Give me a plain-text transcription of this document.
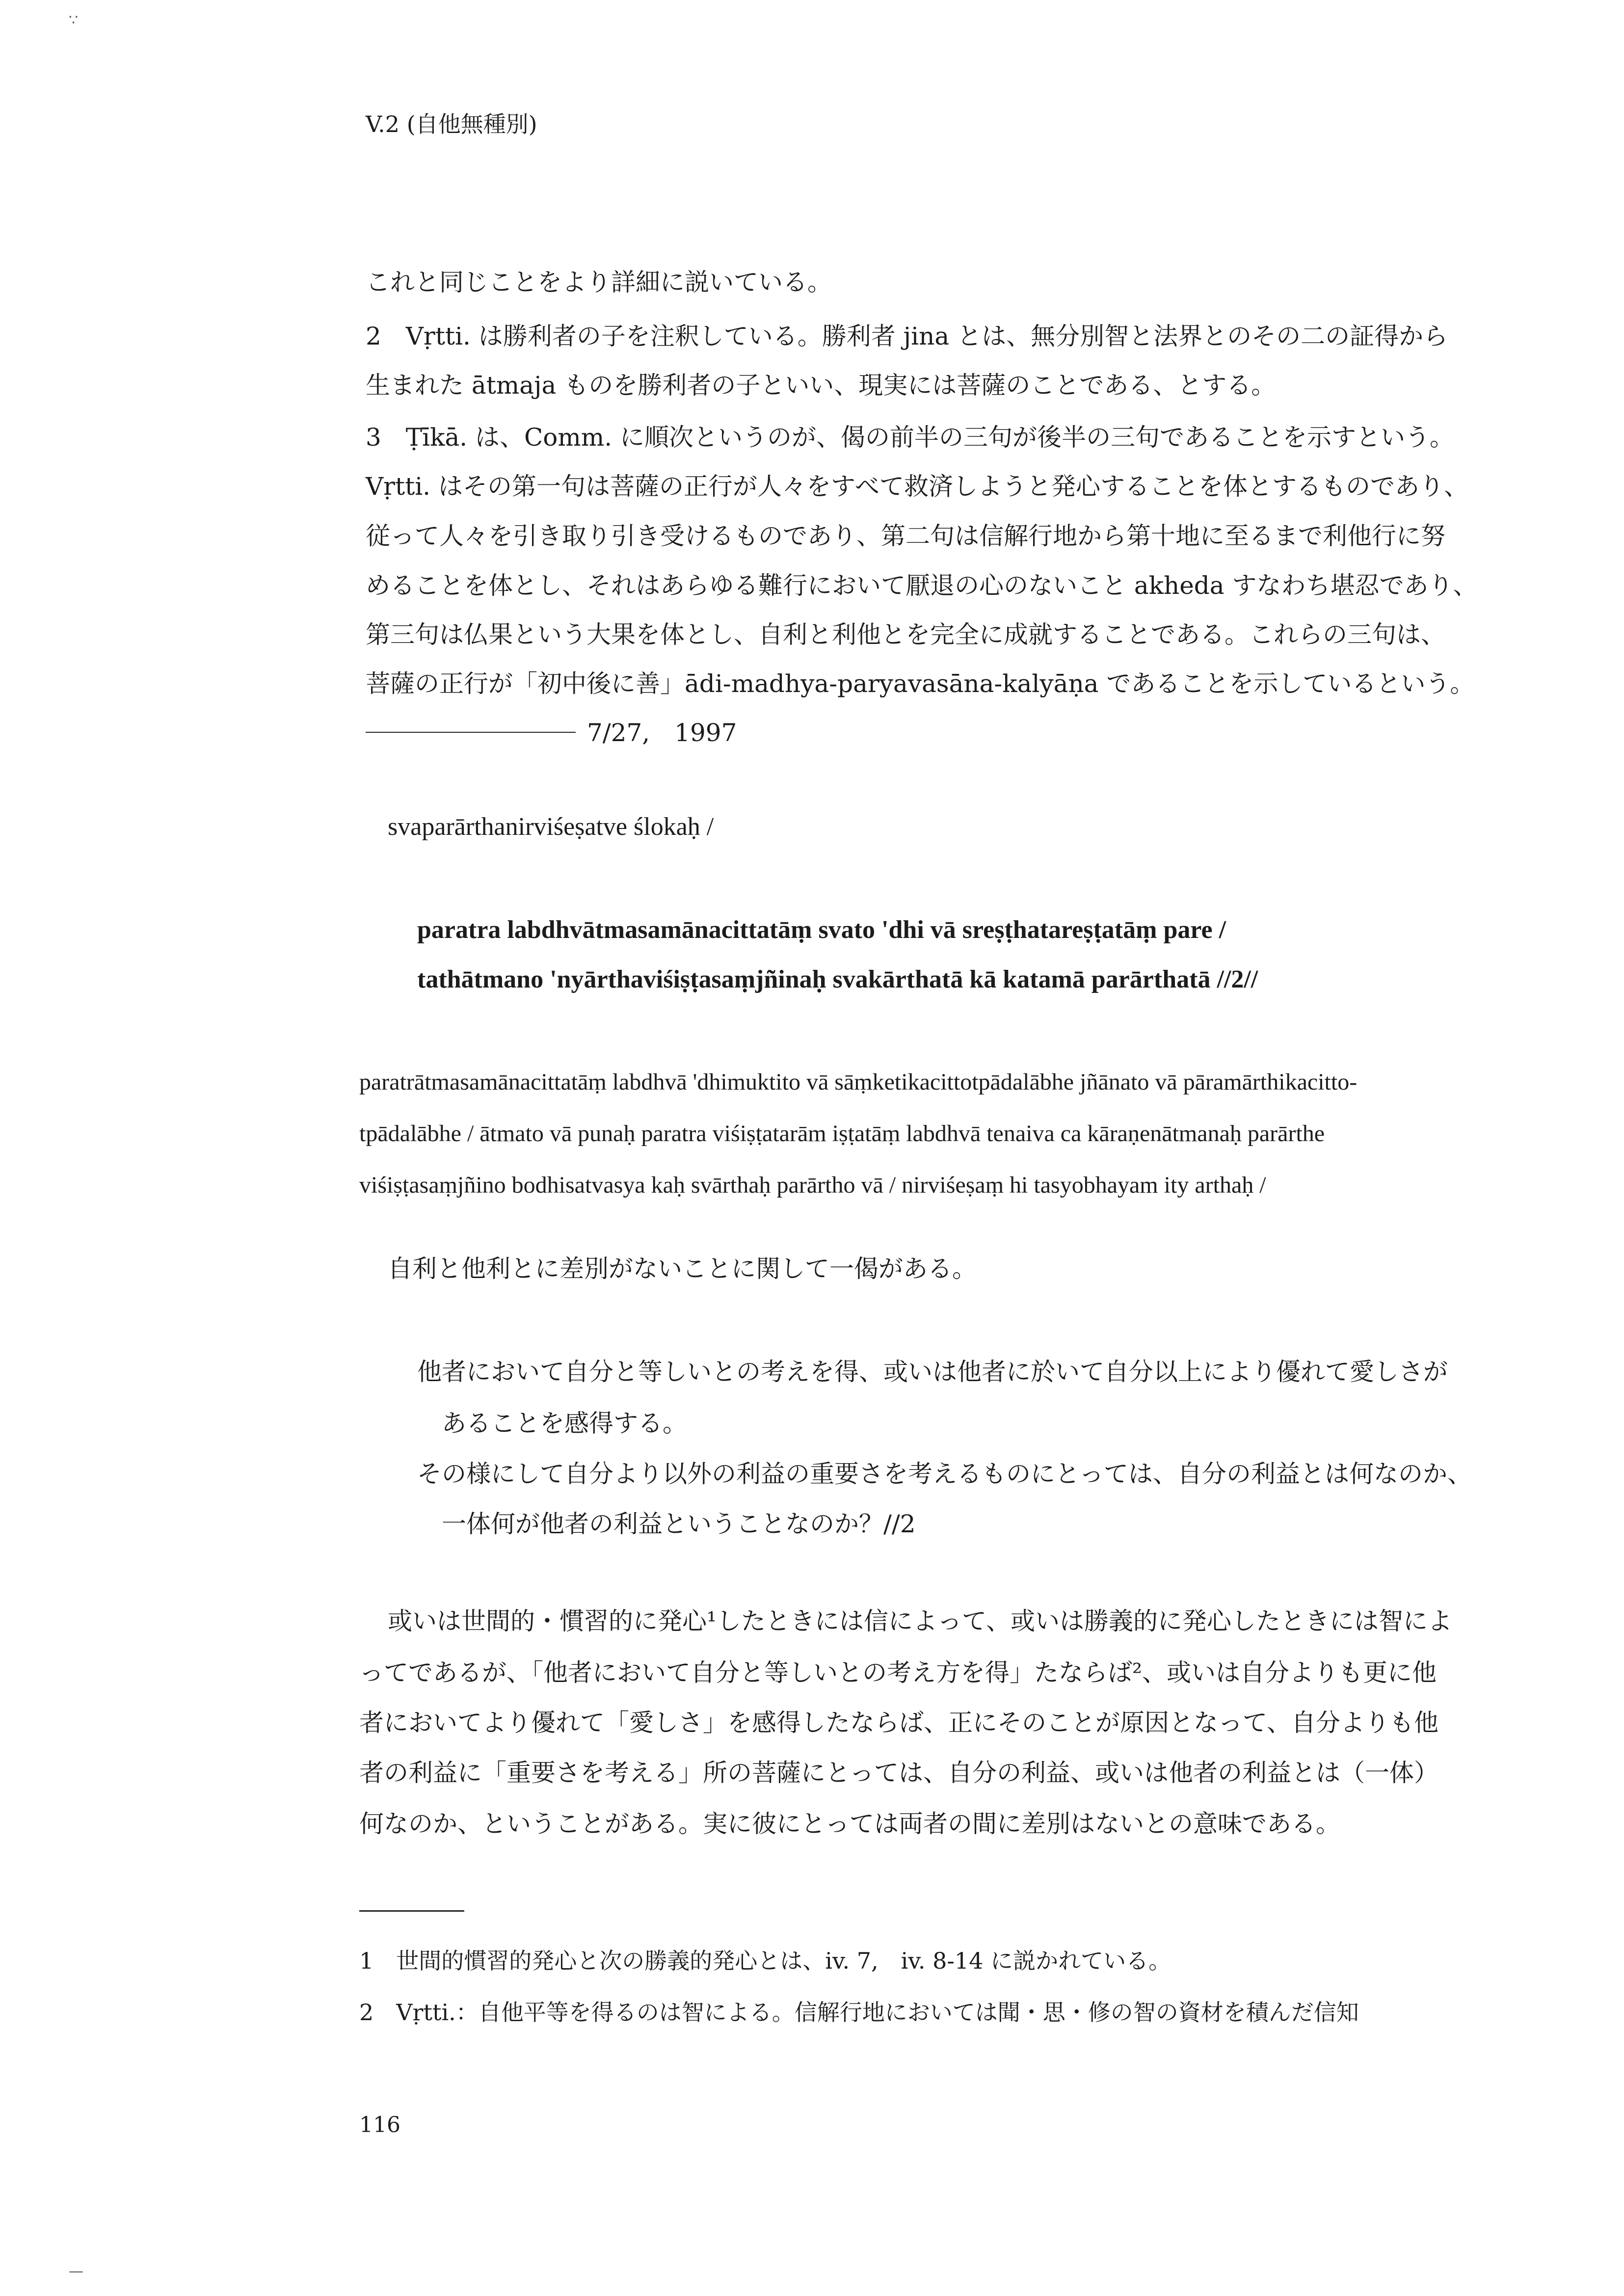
∵

V.2 (自他無種別)

これと同じことをより詳細に説いている。

2　Vṛtti. は勝利者の子を注釈している。勝利者 jina とは、無分別智と法界とのその二の証得から

生まれた ātmaja ものを勝利者の子といい、現実には菩薩のことである、とする。

3　Ṭīkā. は、Comm. に順次というのが、偈の前半の三句が後半の三句であることを示すという。

Vṛtti. はその第一句は菩薩の正行が人々をすべて救済しようと発心することを体とするものであり、

従って人々を引き取り引き受けるものであり、第二句は信解行地から第十地に至るまで利他行に努

めることを体とし、それはあらゆる難行において厭退の心のないこと akheda すなわち堪忍であり、

第三句は仏果という大果を体とし、自利と利他とを完全に成就することである。これらの三句は、

菩薩の正行が「初中後に善」ādi-madhya-paryavasāna-kalyāṇa であることを示しているという。

7/27,　1997

svaparārthanirviśeṣatve ślokaḥ /

paratra labdhvātmasamānacittatāṃ svato 'dhi vā sreṣṭhatareṣṭatāṃ pare /

tathātmano 'nyārthaviśiṣṭasaṃjñinaḥ svakārthatā kā katamā parārthatā //2//

paratrātmasamānacittatāṃ labdhvā 'dhimuktito vā sāṃketikacittotpādalābhe jñānato vā pāramārthikacitto-

tpādalābhe / ātmato vā punaḥ paratra viśiṣṭatarām iṣṭatāṃ labdhvā tenaiva ca kāraṇenātmanaḥ parārthe

viśiṣṭasaṃjñino bodhisatvasya kaḥ svārthaḥ parārtho vā / nirviśeṣaṃ hi tasyobhayam ity arthaḥ /

自利と他利とに差別がないことに関して一偈がある。

他者において自分と等しいとの考えを得、或いは他者に於いて自分以上により優れて愛しさが

あることを感得する。

その様にして自分より以外の利益の重要さを考えるものにとっては、自分の利益とは何なのか、

一体何が他者の利益ということなのか？//2

或いは世間的・慣習的に発心¹したときには信によって、或いは勝義的に発心したときには智によ

ってであるが、「他者において自分と等しいとの考え方を得」たならば²、或いは自分よりも更に他

者においてより優れて「愛しさ」を感得したならば、正にそのことが原因となって、自分よりも他

者の利益に「重要さを考える」所の菩薩にとっては、自分の利益、或いは他者の利益とは（一体）

何なのか、ということがある。実に彼にとっては両者の間に差別はないとの意味である。

1　世間的慣習的発心と次の勝義的発心とは、iv. 7,　iv. 8-14 に説かれている。

2　Vṛtti.：自他平等を得るのは智による。信解行地においては聞・思・修の智の資材を積んだ信知

116

—
